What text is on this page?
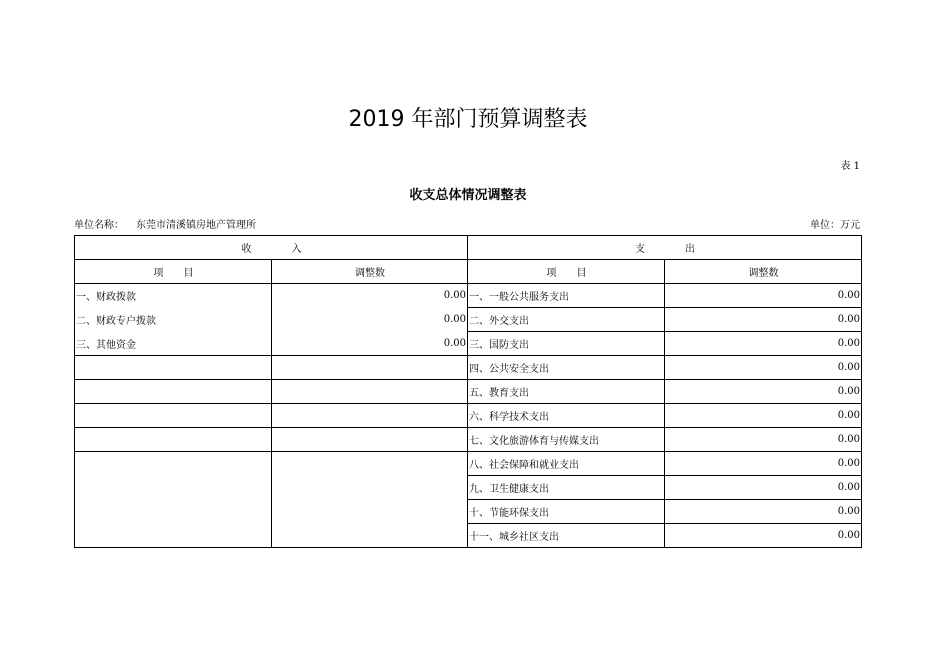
2019 年部门预算调整表
表 1
收支总体情况调整表
单位名称： 东莞市清溪镇房地产管理所	单位：万元
收　　　　入		支　　　　出	
项　　目	调整数	项　　目	调整数
一、财政拨款	0.00	一、一般公共服务支出	0.00
二、财政专户拨款	0.00	二、外交支出	0.00
三、其他资金	0.00	三、国防支出	0.00
		四、公共安全支出	0.00
		五、教育支出	0.00
		六、科学技术支出	0.00
		七、文化旅游体育与传媒支出	0.00
		八、社会保障和就业支出	0.00
		九、卫生健康支出	0.00
		十、节能环保支出	0.00
		十一、城乡社区支出	0.00
